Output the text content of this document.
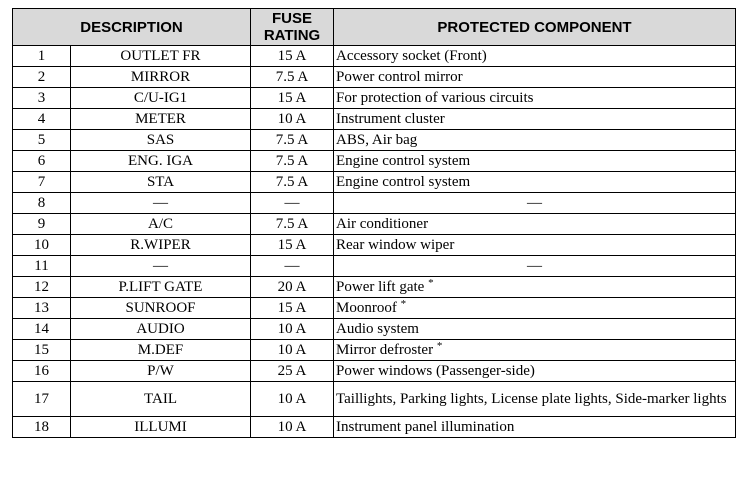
DESCRIPTION		FUSE RATING	PROTECTED COMPONENT
1	OUTLET FR	15 A	Accessory socket (Front)
2	MIRROR	7.5 A	Power control mirror
3	C/U-IG1	15 A	For protection of various circuits
4	METER	10 A	Instrument cluster
5	SAS	7.5 A	ABS, Air bag
6	ENG. IGA	7.5 A	Engine control system
7	STA	7.5 A	Engine control system
8	—	—	—
9	A/C	7.5 A	Air conditioner
10	R.WIPER	15 A	Rear window wiper
11	—	—	—
12	P.LIFT GATE	20 A	Power lift gate *
13	SUNROOF	15 A	Moonroof *
14	AUDIO	10 A	Audio system
15	M.DEF	10 A	Mirror defroster *
16	P/W	25 A	Power windows (Passenger-side)
17	TAIL	10 A	Taillights, Parking lights, License plate lights, Side-marker lights
18	ILLUMI	10 A	Instrument panel illumination
